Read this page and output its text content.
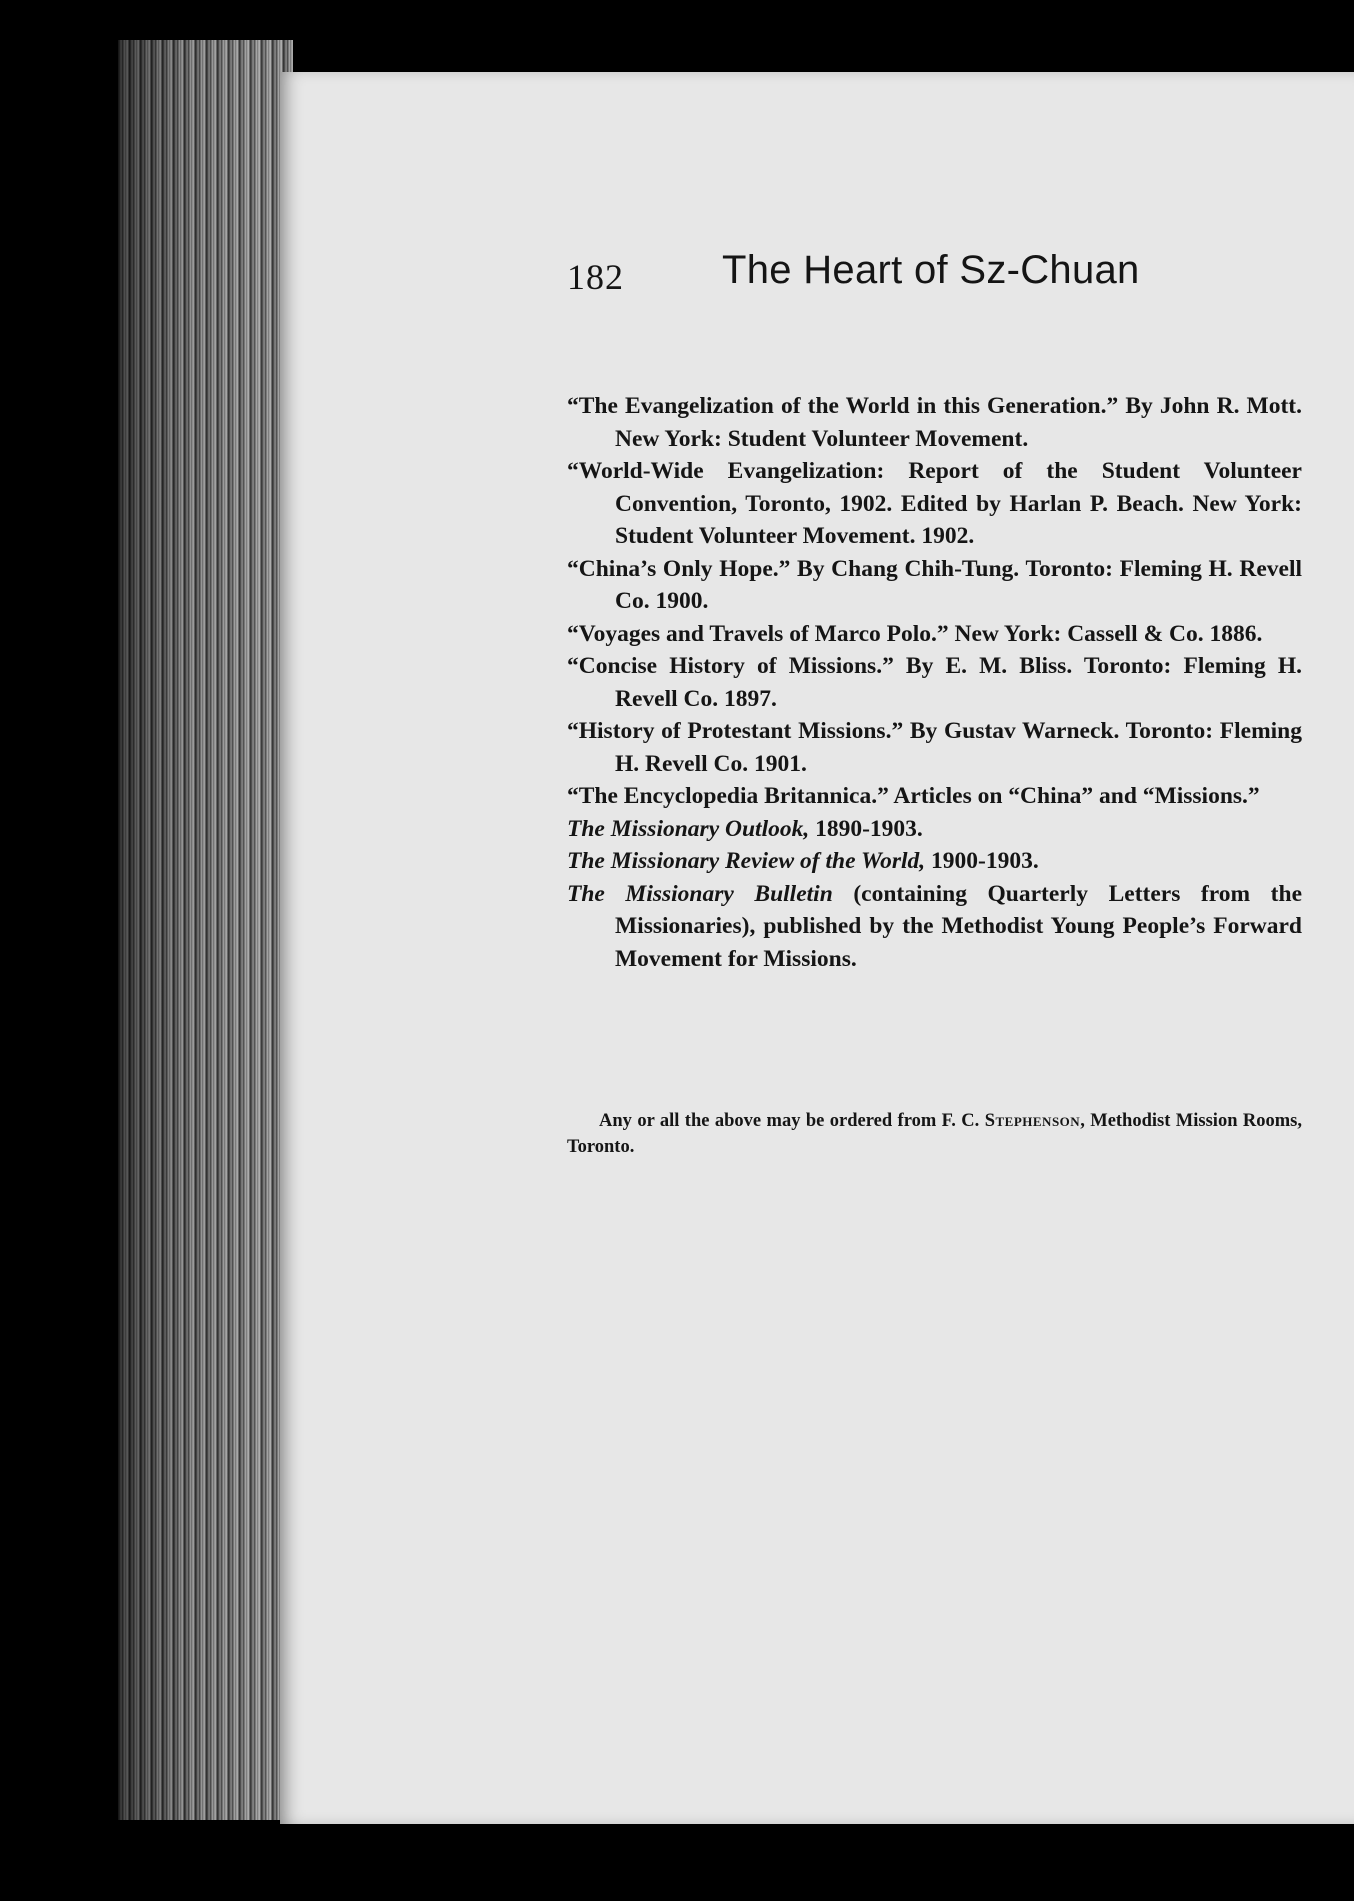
182 The Heart of Sz-Chuan
“The Evangelization of the World in this Generation.” By John R. Mott. New York: Student Volunteer Movement.
“World-Wide Evangelization: Report of the Student Volunteer Convention, Toronto, 1902. Edited by Harlan P. Beach. New York: Student Volunteer Movement. 1902.
“China’s Only Hope.” By Chang Chih-Tung. Toronto: Fleming H. Revell Co. 1900.
“Voyages and Travels of Marco Polo.” New York: Cassell & Co. 1886.
“Concise History of Missions.” By E. M. Bliss. Toronto: Fleming H. Revell Co. 1897.
“History of Protestant Missions.” By Gustav Warneck. Toronto: Fleming H. Revell Co. 1901.
“The Encyclopedia Britannica.” Articles on “China” and “Missions.”
The Missionary Outlook, 1890-1903.
The Missionary Review of the World, 1900-1903.
The Missionary Bulletin (containing Quarterly Letters from the Missionaries), published by the Methodist Young People’s Forward Movement for Missions.

Any or all the above may be ordered from F. C. Stephenson, Methodist Mission Rooms, Toronto.
